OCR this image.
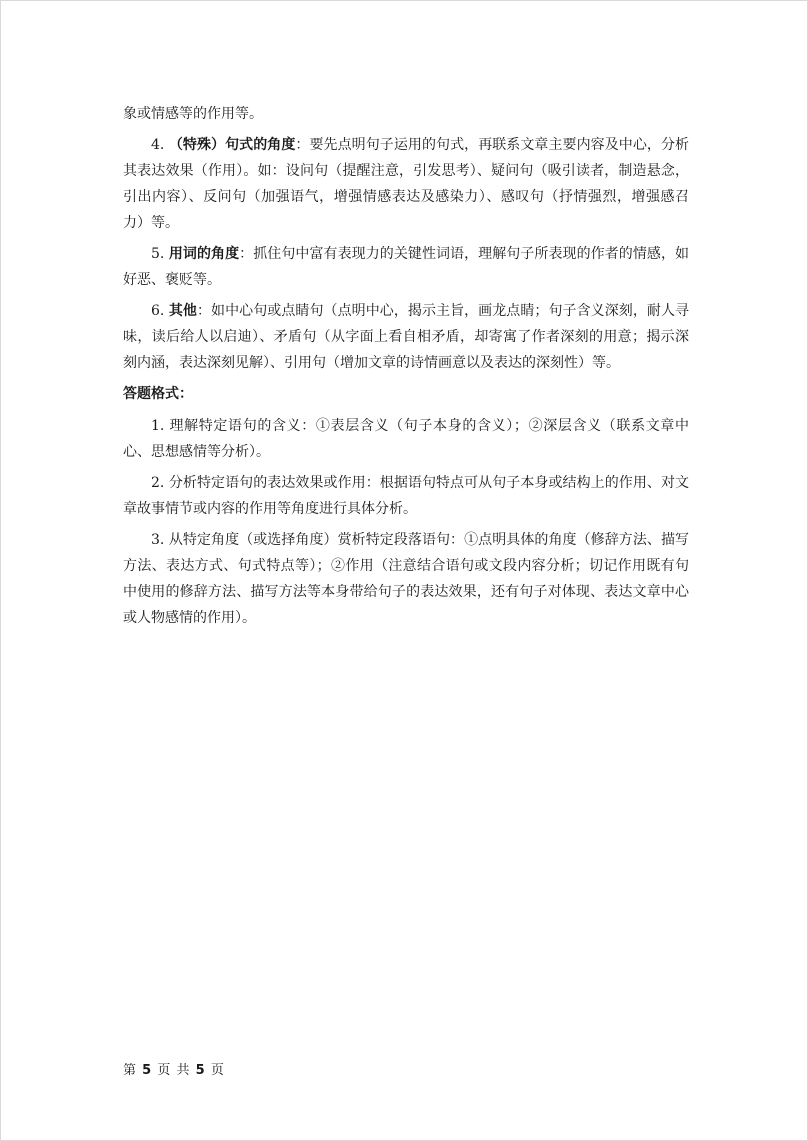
象或情感等的作用等。

4. （特殊）句式的角度：要先点明句子运用的句式，再联系文章主要内容及中心，分析其表达效果（作用）。如：设问句（提醒注意，引发思考）、疑问句（吸引读者，制造悬念，引出内容）、反问句（加强语气，增强情感表达及感染力）、感叹句（抒情强烈，增强感召力）等。

5. 用词的角度：抓住句中富有表现力的关键性词语，理解句子所表现的作者的情感，如好恶、褒贬等。

6. 其他：如中心句或点睛句（点明中心，揭示主旨，画龙点睛；句子含义深刻，耐人寻味，读后给人以启迪）、矛盾句（从字面上看自相矛盾，却寄寓了作者深刻的用意；揭示深刻内涵，表达深刻见解）、引用句（增加文章的诗情画意以及表达的深刻性）等。

答题格式：

1. 理解特定语句的含义：①表层含义（句子本身的含义）；②深层含义（联系文章中心、思想感情等分析）。

2. 分析特定语句的表达效果或作用：根据语句特点可从句子本身或结构上的作用、对文章故事情节或内容的作用等角度进行具体分析。

3. 从特定角度（或选择角度）赏析特定段落语句：①点明具体的角度（修辞方法、描写方法、表达方式、句式特点等）；②作用（注意结合语句或文段内容分析；切记作用既有句中使用的修辞方法、描写方法等本身带给句子的表达效果，还有句子对体现、表达文章中心或人物感情的作用）。

第 5 页 共 5 页
